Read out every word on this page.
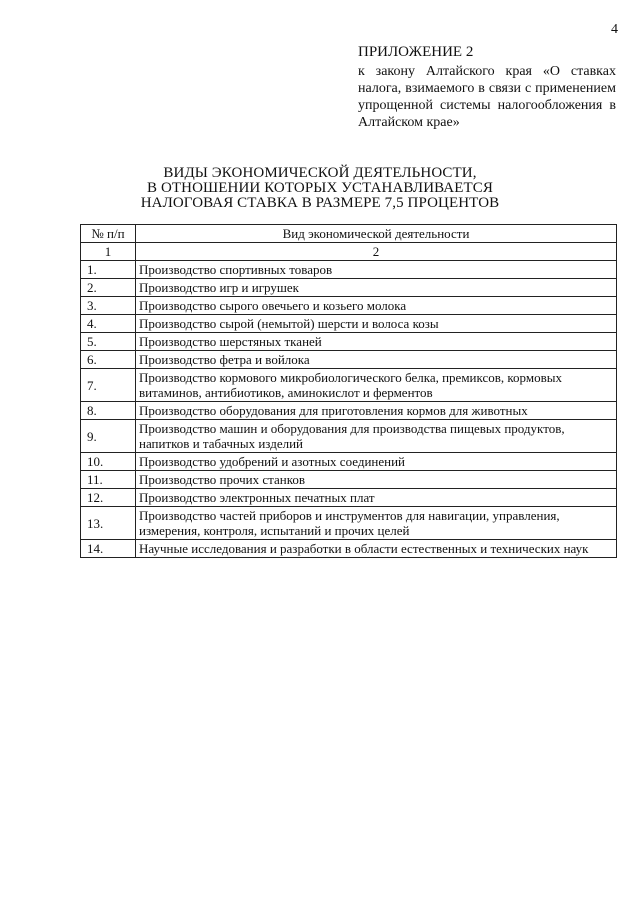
4
ПРИЛОЖЕНИЕ 2
к закону Алтайского края «О ставках налога, взимаемого в связи с применением упрощенной системы налогообложения в Алтайском крае»
ВИДЫ ЭКОНОМИЧЕСКОЙ ДЕЯТЕЛЬНОСТИ,
В ОТНОШЕНИИ КОТОРЫХ УСТАНАВЛИВАЕТСЯ
НАЛОГОВАЯ СТАВКА В РАЗМЕРЕ 7,5 ПРОЦЕНТОВ
№ п/п	Вид экономической деятельности
1	2
1.	Производство спортивных товаров
2.	Производство игр и игрушек
3.	Производство сырого овечьего и козьего молока
4.	Производство сырой (немытой) шерсти и волоса козы
5.	Производство шерстяных тканей
6.	Производство фетра и войлока
7.	Производство кормового микробиологического белка, премиксов, кормовых витаминов, антибиотиков, аминокислот и ферментов
8.	Производство оборудования для приготовления кормов для животных
9.	Производство машин и оборудования для производства пищевых продуктов, напитков и табачных изделий
10.	Производство удобрений и азотных соединений
11.	Производство прочих станков
12.	Производство электронных печатных плат
13.	Производство частей приборов и инструментов для навигации, управления, измерения, контроля, испытаний и прочих целей
14.	Научные исследования и разработки в области естественных и технических наук
